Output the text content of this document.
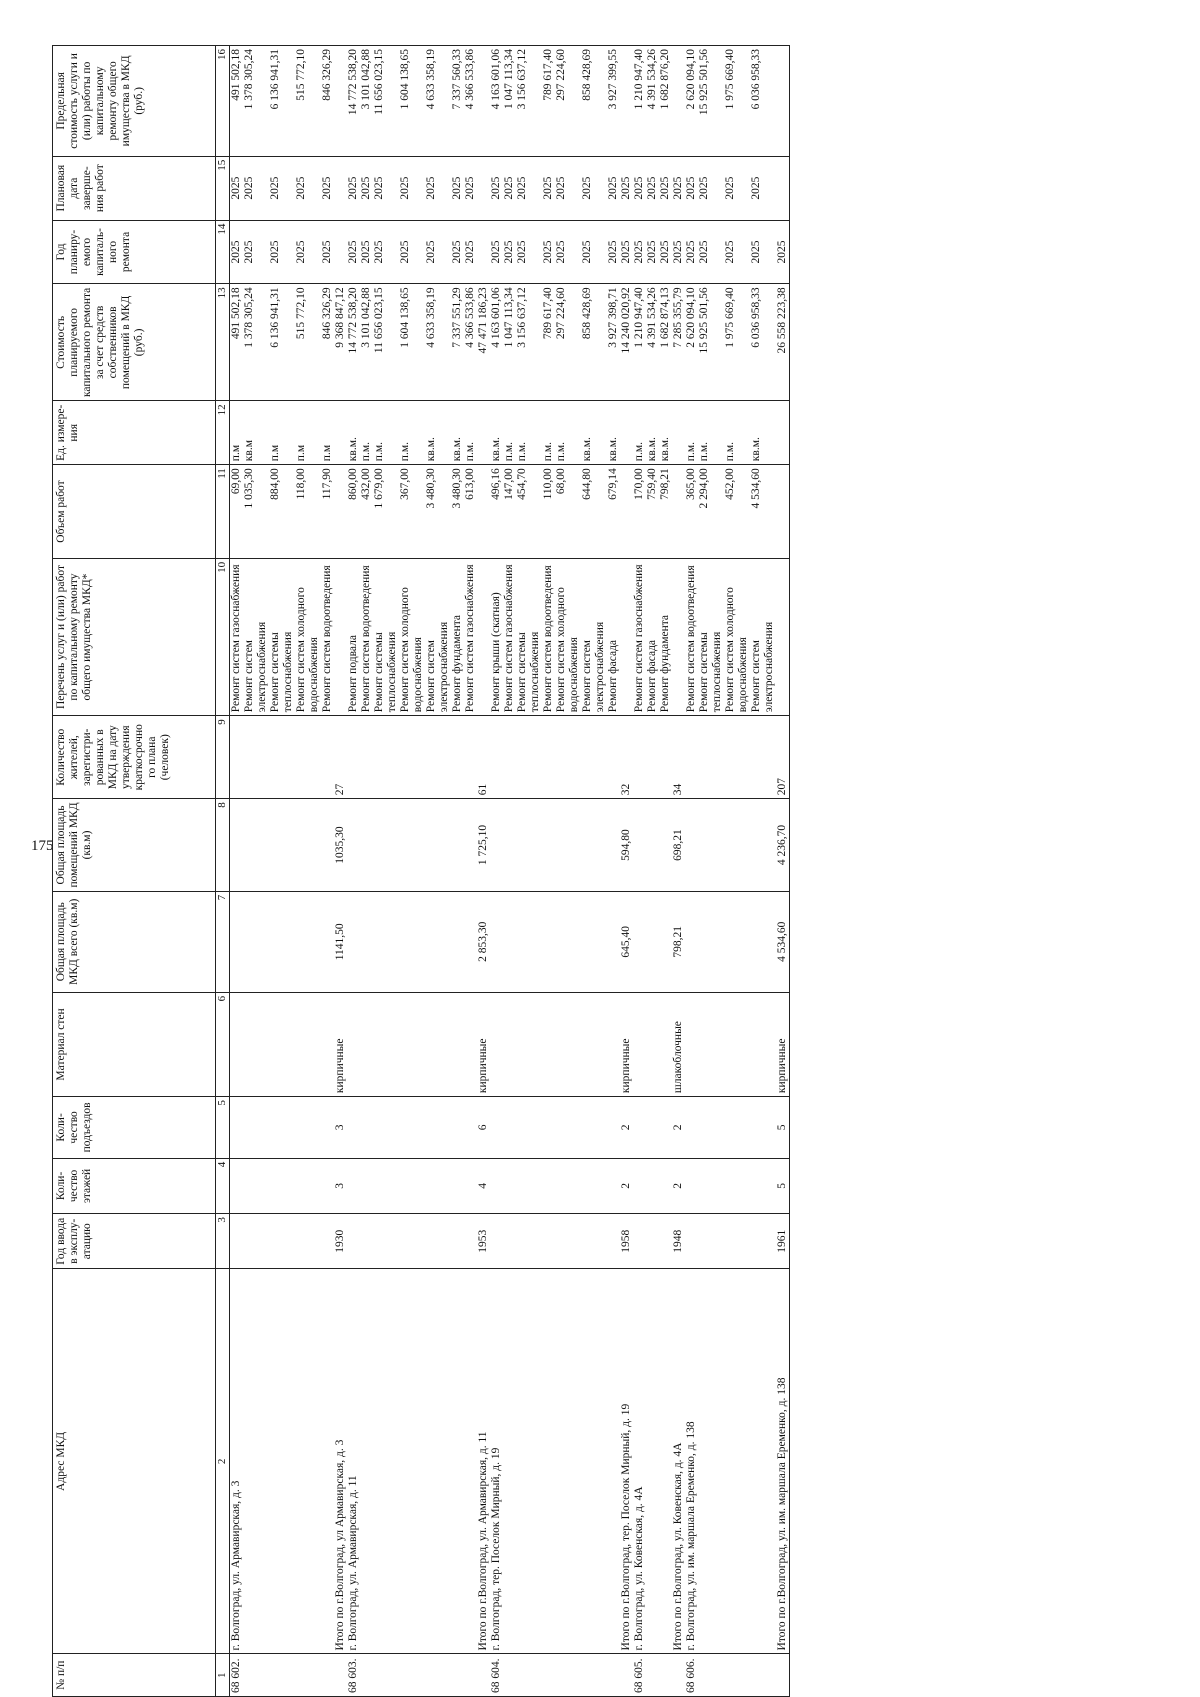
175
№ п/п	Адрес МКД	Год ввода в эксплу-атацию	Коли-чество этажей	Коли-чество подъездов	Материал стен	Общая площадь МКД всего (кв.м)	Общая площадь помещений МКД (кв.м)	Количество жителей, зарегистри-рованных в МКД на дату утверждения краткосрочно го плана (человек)	Перечень услуг и (или) работ по капитальному ремонту общего имущества МКД*	Объем работ	Ед. измере-ния	Стоимость планируемого капитального ремонта за счет средств собственников помещений в МКД (руб.)	Год планиру-емого капиталь-ного ремонта	Плановая дата заверше-ния работ	Предельная стоимость услуги и (или) работы по капитальному ремонту общего имущества в МКД (руб.)
1	2	3	4	5	6	7	8	9	10	11	12	13	14	15	16
68 602.	г. Волгоград, ул. Армавирская, д. 3								Ремонт систем газоснабжения	69,00	п.м	491 502,18	2025	2025	491 502,18
									Ремонт систем электроснабжения	1 035,30	кв.м	1 378 305,24	2025	2025	1 378 305,24
									Ремонт системы теплоснабжения	884,00	п.м	6 136 941,31	2025	2025	6 136 941,31
									Ремонт систем холодного водоснабжения	118,00	п.м	515 772,10	2025	2025	515 772,10
									Ремонт систем водоотведения	117,90	п.м	846 326,29	2025	2025	846 326,29
	Итого по г.Волгоград, ул Армавирская, д. 3	1930	3	3	кирпичные	1141,50	1035,30	27				9 368 847,12			
68 603.	г. Волгоград, ул. Армавирская, д. 11								Ремонт подвала	860,00	кв.м.	14 772 538,20	2025	2025	14 772 538,20
									Ремонт систем водоотведения	432,00	п.м.	3 101 042,88	2025	2025	3 101 042,88
									Ремонт системы теплоснабжения	1 679,00	п.м.	11 656 023,15	2025	2025	11 656 023,15
									Ремонт систем холодного водоснабжения	367,00	п.м.	1 604 138,65	2025	2025	1 604 138,65
									Ремонт систем электроснабжения	3 480,30	кв.м.	4 633 358,19	2025	2025	4 633 358,19
									Ремонт фундамента	3 480,30	кв.м.	7 337 551,29	2025	2025	7 337 560,33
									Ремонт систем газоснабжения	613,00	п.м.	4 366 533,86	2025	2025	4 366 533,86
	Итого по г.Волгоград, ул. Армавирская, д. 11	1953	4	6	кирпичные	2 853,30	1 725,10	61				47 471 186,23			
68 604.	г. Волгоград, тер. Поселок Мирный, д. 19								Ремонт крыши (скатная)	496,16	кв.м.	4 163 601,06	2025	2025	4 163 601,06
									Ремонт систем газоснабжения	147,00	п.м.	1 047 113,34	2025	2025	1 047 113,34
									Ремонт системы теплоснабжения	454,70	п.м.	3 156 637,12	2025	2025	3 156 637,12
									Ремонт систем водоотведения	110,00	п.м.	789 617,40	2025	2025	789 617,40
									Ремонт систем холодного водоснабжения	68,00	п.м.	297 224,60	2025	2025	297 224,60
									Ремонт систем электроснабжения	644,80	кв.м.	858 428,69	2025	2025	858 428,69
									Ремонт фасада	679,14	кв.м.	3 927 398,71	2025	2025	3 927 399,55
	Итого по г.Волгоград, тер. Поселок Мирный, д. 19	1958	2	2	кирпичные	645,40	594,80	32				14 240 020,92	2025	2025	
68 605.	г. Волгоград, ул. Ковенская, д. 4А								Ремонт систем газоснабжения	170,00	п.м.	1 210 947,40	2025	2025	1 210 947,40
									Ремонт фасада	759,40	кв.м.	4 391 534,26	2025	2025	4 391 534,26
									Ремонт фундамента	798,21	кв.м.	1 682 874,13	2025	2025	1 682 876,20
	Итого по г.Волгоград, ул. Ковенская, д. 4А	1948	2	2	шлакоблочные	798,21	698,21	34				7 285 355,79	2025	2025	
68 606.	г. Волгоград, ул. им. маршала Еременко, д. 138								Ремонт систем водоотведения	365,00	п.м.	2 620 094,10	2025	2025	2 620 094,10
									Ремонт системы теплоснабжения	2 294,00	п.м.	15 925 501,56	2025	2025	15 925 501,56
									Ремонт систем холодного водоснабжения	452,00	п.м.	1 975 669,40	2025	2025	1 975 669,40
									Ремонт систем электроснабжения	4 534,60	кв.м.	6 036 958,33	2025	2025	6 036 958,33
	Итого по г.Волгоград, ул. им. маршала Еременко, д. 138	1961	5	5	кирпичные	4 534,60	4 236,70	207				26 558 223,38	2025		
